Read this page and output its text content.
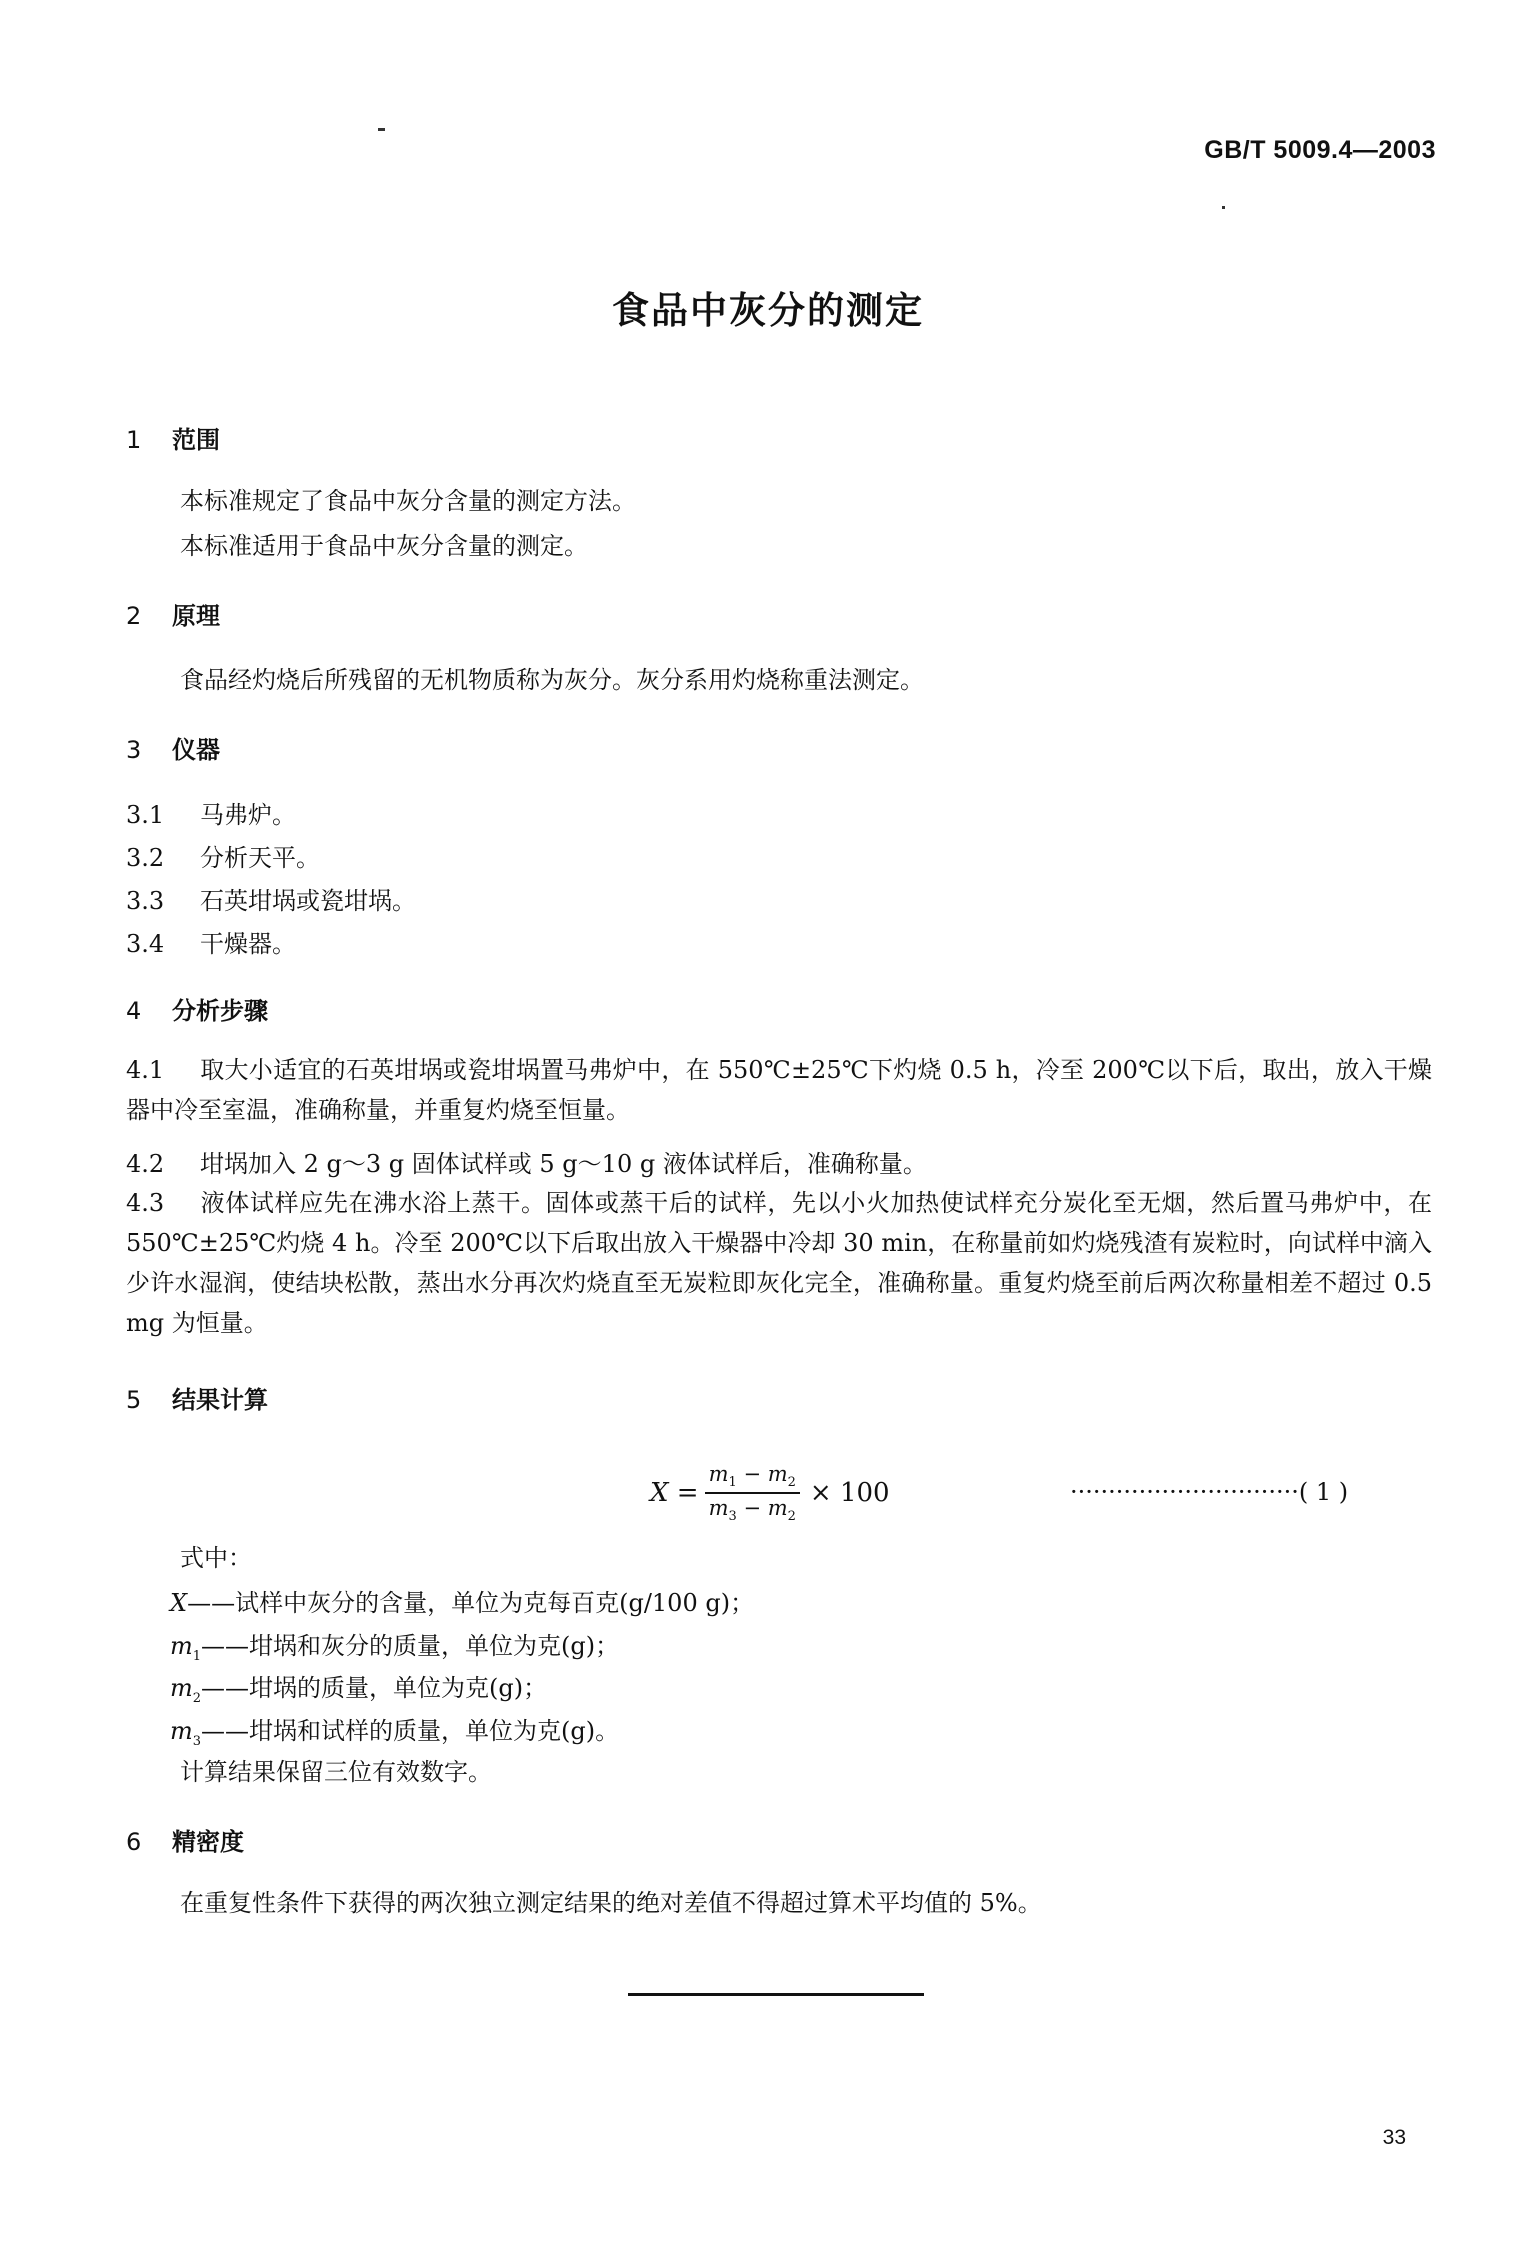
GB/T 5009.4—2003
食品中灰分的测定
1 范围
本标准规定了食品中灰分含量的测定方法。
本标准适用于食品中灰分含量的测定。
2 原理
食品经灼烧后所残留的无机物质称为灰分。灰分系用灼烧称重法测定。
3 仪器
3.1 马弗炉。
3.2 分析天平。
3.3 石英坩埚或瓷坩埚。
3.4 干燥器。
4 分析步骤
4.1 取大小适宜的石英坩埚或瓷坩埚置马弗炉中，在 550℃±25℃下灼烧 0.5 h，冷至 200℃以下后，取出，放入干燥器中冷至室温，准确称量，并重复灼烧至恒量。
4.2 坩埚加入 2 g～3 g 固体试样或 5 g～10 g 液体试样后，准确称量。
4.3 液体试样应先在沸水浴上蒸干。固体或蒸干后的试样，先以小火加热使试样充分炭化至无烟，然后置马弗炉中，在 550℃±25℃灼烧 4 h。冷至 200℃以下后取出放入干燥器中冷却 30 min，在称量前如灼烧残渣有炭粒时，向试样中滴入少许水湿润，使结块松散，蒸出水分再次灼烧直至无炭粒即灰化完全，准确称量。重复灼烧至前后两次称量相差不超过 0.5 mg 为恒量。
5 结果计算
$X = \frac{m_1 - m_2}{m_3 - m_2} \times 100$	······························( 1 )
式中：
X——试样中灰分的含量，单位为克每百克(g/100 g)；
$m_1——$坩埚和灰分的质量，单位为克(g)；
$m_2——$坩埚的质量，单位为克(g)；
$m_3——$坩埚和试样的质量，单位为克(g)。
计算结果保留三位有效数字。
6 精密度
在重复性条件下获得的两次独立测定结果的绝对差值不得超过算术平均值的 5%。
33
